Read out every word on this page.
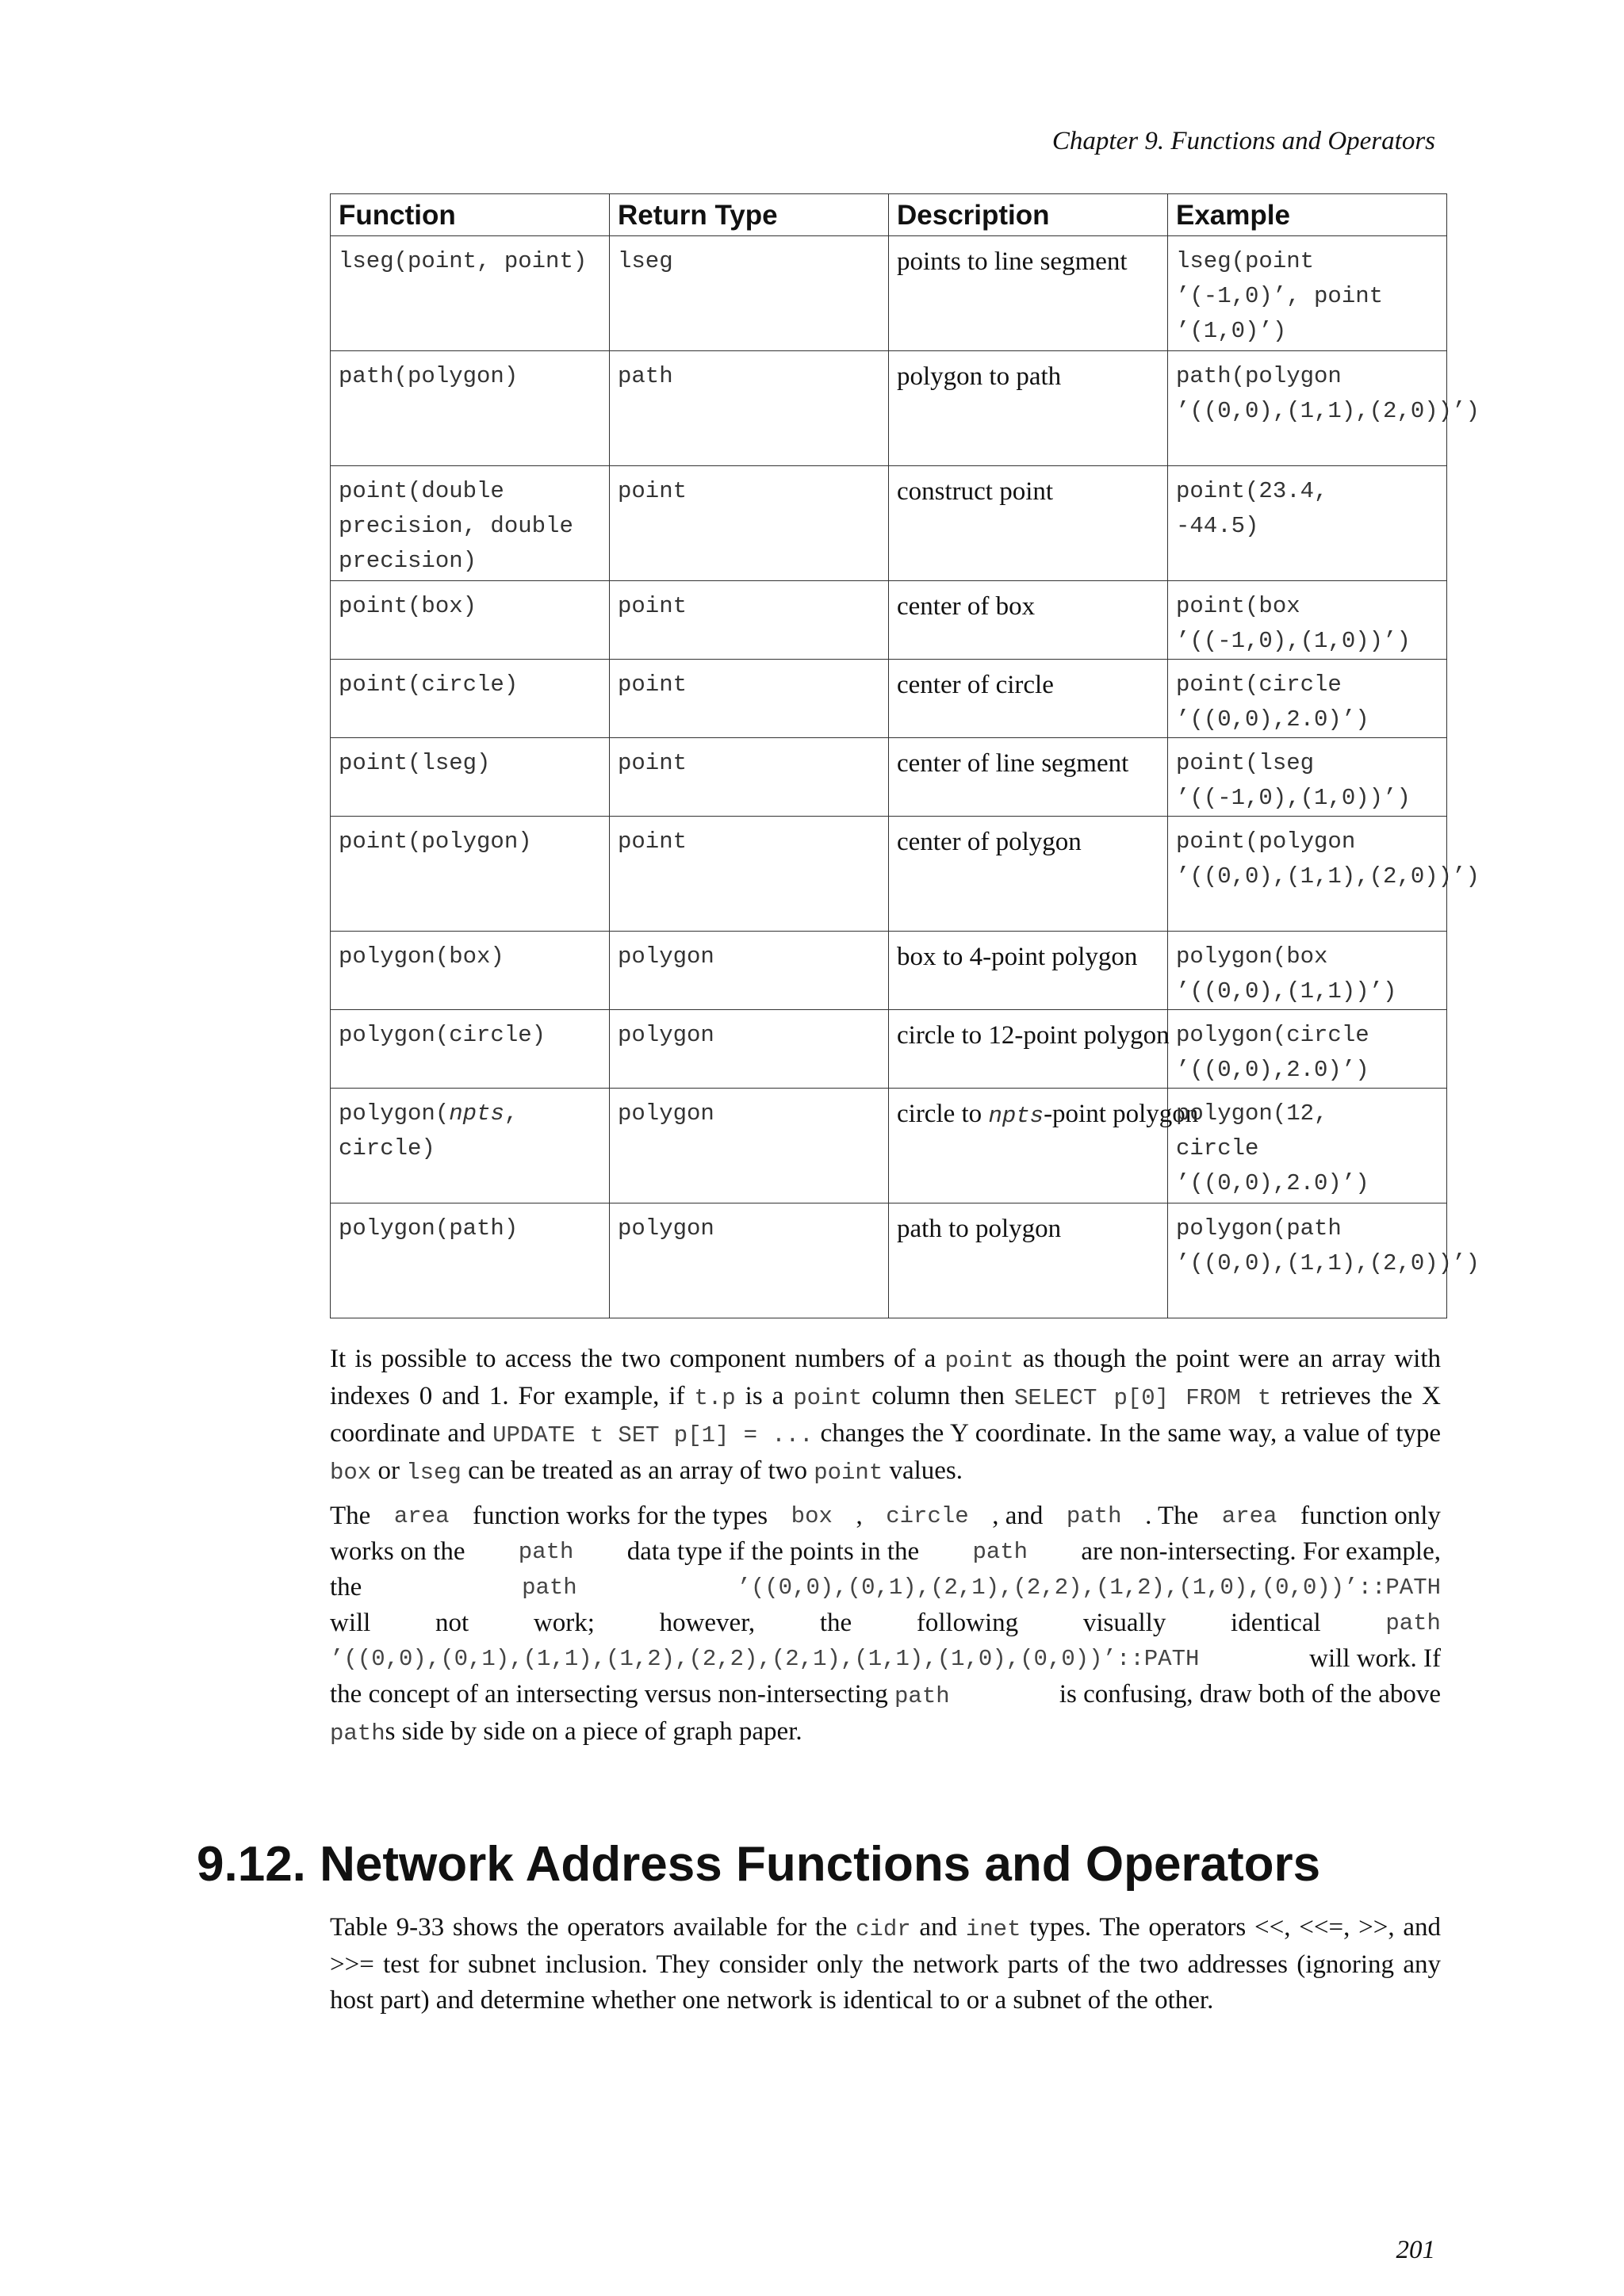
Chapter 9. Functions and Operators
Function	Return Type	Description	Example

lseg(point, point)	lseg	points to line segment	lseg(point
’(-1,0)’, point
’(1,0)’)

path(polygon)	path	polygon to path	path(polygon
’((0,0),(1,1),(2,0))’)

point(double
precision, double
precision)	point	construct point	point(23.4,
-44.5)

point(box)	point	center of box	point(box
’((-1,0),(1,0))’)

point(circle)	point	center of circle	point(circle
’((0,0),2.0)’)

point(lseg)	point	center of line segment	point(lseg
’((-1,0),(1,0))’)

point(polygon)	point	center of polygon	point(polygon
’((0,0),(1,1),(2,0))’)

polygon(box)	polygon	box to 4-point polygon	polygon(box
’((0,0),(1,1))’)

polygon(circle)	polygon	circle to 12-point polygon	polygon(circle
’((0,0),2.0)’)

polygon(npts,
circle)	polygon	circle to npts-point polygon	polygon(12,
circle
’((0,0),2.0)’)

polygon(path)	polygon	path to polygon	polygon(path
’((0,0),(1,1),(2,0))’)
It is possible to access the two component numbers of a point as though the point were an array with indexes 0 and 1. For example, if t.p is a point column then SELECT p[0] FROM t retrieves the X coordinate and UPDATE t SET p[1] = ... changes the Y coordinate. In the same way, a value of type box or lseg can be treated as an array of two point values.
The area function works for the types box , circle , and path . The area function only
works on the path data type if the points in the path are non-intersecting. For example,
the	path	’((0,0),(0,1),(2,1),(2,2),(1,2),(1,0),(0,0))’::PATH
will not work; however, the following visually identical	path
’((0,0),(0,1),(1,1),(1,2),(2,2),(2,1),(1,1),(1,0),(0,0))’::PATH	will work. If
the concept of an intersecting versus non-intersecting path	is confusing, draw both of the above
paths side by side on a piece of graph paper.
9.12. Network Address Functions and Operators
Table 9-33 shows the operators available for the cidr and inet types. The operators <<, <<=, >>, and >>= test for subnet inclusion. They consider only the network parts of the two addresses (ignoring any host part) and determine whether one network is identical to or a subnet of the other.
201
